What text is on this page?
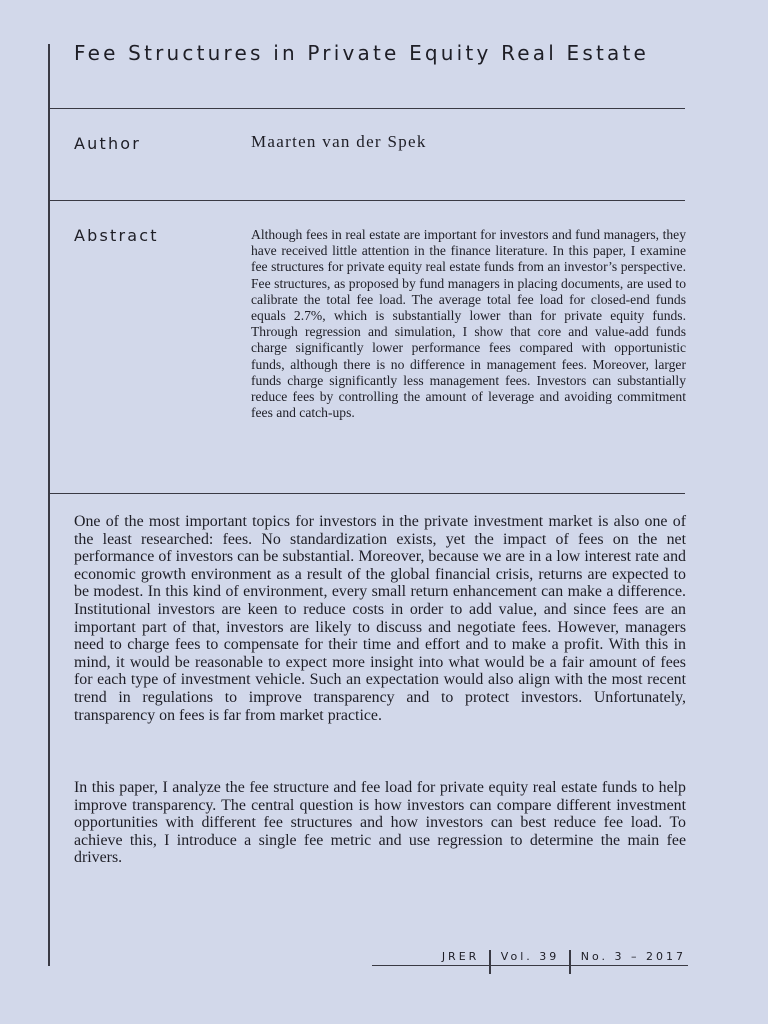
Fee Structures in Private Equity Real Estate
Author	Maarten van der Spek
Abstract	Although fees in real estate are important for investors and fund managers, they have received little attention in the finance literature. In this paper, I examine fee structures for private equity real estate funds from an investor’s perspective. Fee structures, as proposed by fund managers in placing documents, are used to calibrate the total fee load. The average total fee load for closed-end funds equals 2.7%, which is substantially lower than for private equity funds. Through regression and simulation, I show that core and value-add funds charge significantly lower performance fees compared with opportunistic funds, although there is no difference in management fees. Moreover, larger funds charge significantly less management fees. Investors can substantially reduce fees by controlling the amount of leverage and avoiding commitment fees and catch-ups.

One of the most important topics for investors in the private investment market is also one of the least researched: fees. No standardization exists, yet the impact of fees on the net performance of investors can be substantial. Moreover, because we are in a low interest rate and economic growth environment as a result of the global financial crisis, returns are expected to be modest. In this kind of environment, every small return enhancement can make a difference. Institutional investors are keen to reduce costs in order to add value, and since fees are an important part of that, investors are likely to discuss and negotiate fees. However, managers need to charge fees to compensate for their time and effort and to make a profit. With this in mind, it would be reasonable to expect more insight into what would be a fair amount of fees for each type of investment vehicle. Such an expectation would also align with the most recent trend in regulations to improve transparency and to protect investors. Unfortunately, transparency on fees is far from market practice.

In this paper, I analyze the fee structure and fee load for private equity real estate funds to help improve transparency. The central question is how investors can compare different investment opportunities with different fee structures and how investors can best reduce fee load. To achieve this, I introduce a single fee metric and use regression to determine the main fee drivers.

JRER Vol. 39 No. 3 – 2017
